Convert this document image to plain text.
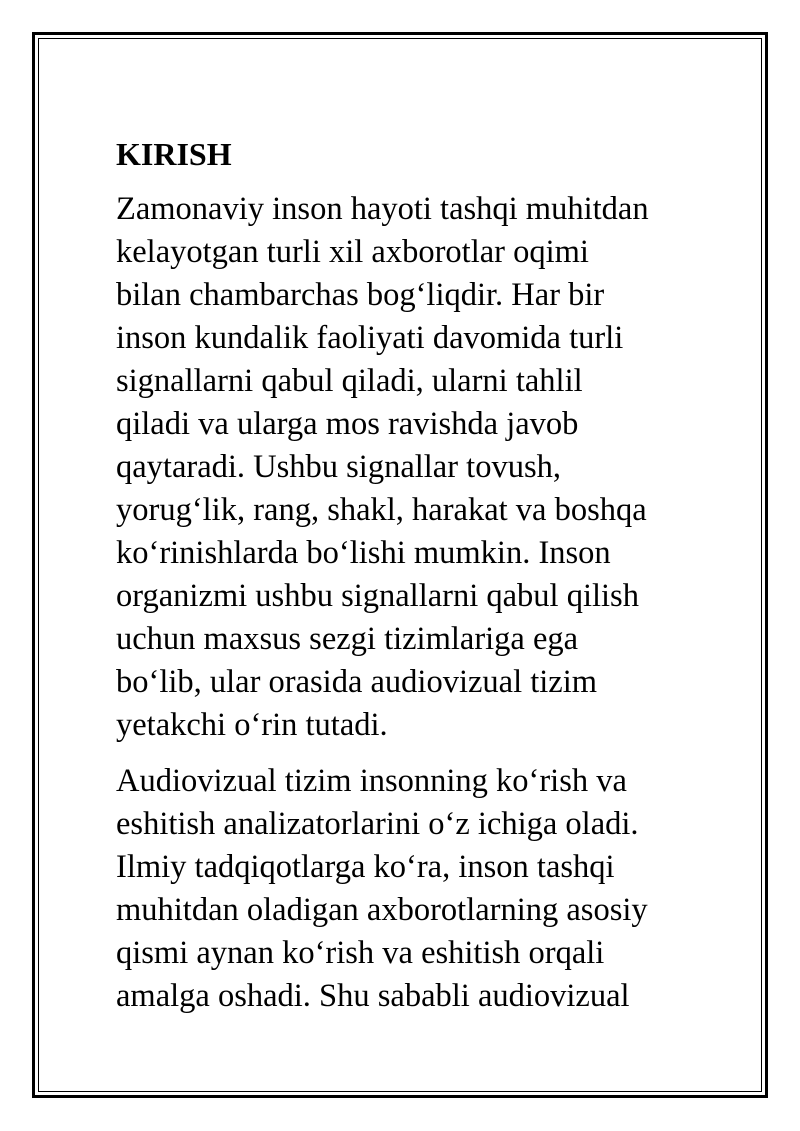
KIRISH
Zamonaviy inson hayoti tashqi muhitdan
kelayotgan turli xil axborotlar oqimi
bilan chambarchas bog‘liqdir. Har bir
inson kundalik faoliyati davomida turli
signallarni qabul qiladi, ularni tahlil
qiladi va ularga mos ravishda javob
qaytaradi. Ushbu signallar tovush,
yorug‘lik, rang, shakl, harakat va boshqa
ko‘rinishlarda bo‘lishi mumkin. Inson
organizmi ushbu signallarni qabul qilish
uchun maxsus sezgi tizimlariga ega
bo‘lib, ular orasida audiovizual tizim
yetakchi o‘rin tutadi.
Audiovizual tizim insonning ko‘rish va
eshitish analizatorlarini o‘z ichiga oladi.
Ilmiy tadqiqotlarga ko‘ra, inson tashqi
muhitdan oladigan axborotlarning asosiy
qismi aynan ko‘rish va eshitish orqali
amalga oshadi. Shu sababli audiovizual
